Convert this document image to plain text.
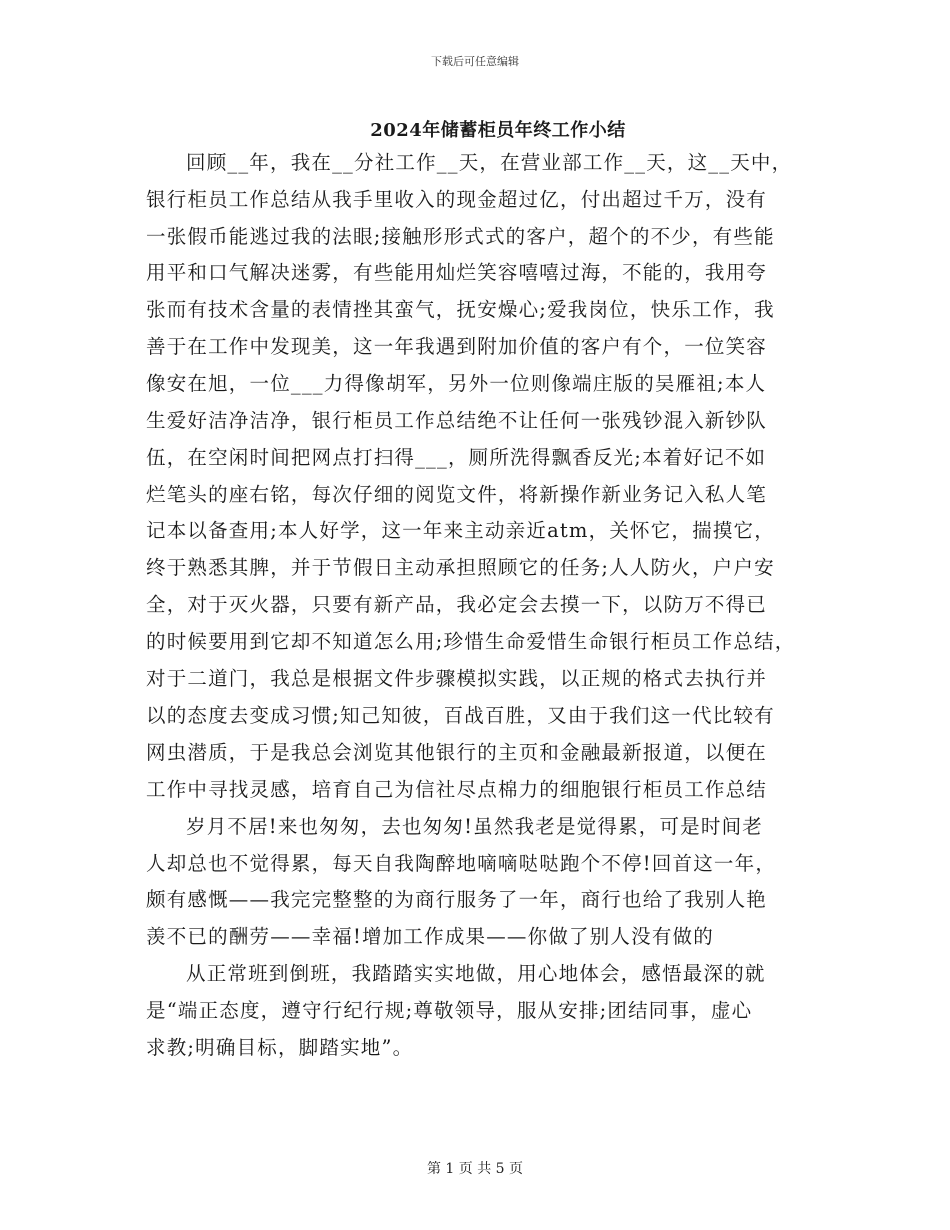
下载后可任意编辑
2024年储蓄柜员年终工作小结
回顾__年，我在__分社工作__天，在营业部工作__天，这__天中，
银行柜员工作总结从我手里收入的现金超过亿，付出超过千万，没有
一张假币能逃过我的法眼;接触形形式式的客户，超个的不少，有些能
用平和口气解决迷雾，有些能用灿烂笑容嘻嘻过海，不能的，我用夸
张而有技术含量的表情挫其蛮气，抚安燥心;爱我岗位，快乐工作，我
善于在工作中发现美，这一年我遇到附加价值的客户有个，一位笑容
像安在旭，一位___力得像胡军，另外一位则像端庄版的吴雁祖;本人
生爱好洁净洁净，银行柜员工作总结绝不让任何一张残钞混入新钞队
伍，在空闲时间把网点打扫得___，厕所洗得飘香反光;本着好记不如
烂笔头的座右铭，每次仔细的阅览文件，将新操作新业务记入私人笔
记本以备查用;本人好学，这一年来主动亲近atm，关怀它，揣摸它，
终于熟悉其脾，并于节假日主动承担照顾它的任务;人人防火，户户安
全，对于灭火器，只要有新产品，我必定会去摸一下，以防万不得已
的时候要用到它却不知道怎么用;珍惜生命爱惜生命银行柜员工作总结，
对于二道门，我总是根据文件步骤模拟实践，以正规的格式去执行并
以的态度去变成习惯;知己知彼，百战百胜，又由于我们这一代比较有
网虫潜质，于是我总会浏览其他银行的主页和金融最新报道，以便在
工作中寻找灵感，培育自己为信社尽点棉力的细胞银行柜员工作总结
岁月不居!来也匆匆，去也匆匆!虽然我老是觉得累，可是时间老
人却总也不觉得累，每天自我陶醉地嘀嘀哒哒跑个不停!回首这一年，
颇有感慨——我完完整整的为商行服务了一年，商行也给了我别人艳
羡不已的酬劳——幸福!增加工作成果——你做了别人没有做的
从正常班到倒班，我踏踏实实地做，用心地体会，感悟最深的就
是“端正态度，遵守行纪行规;尊敬领导，服从安排;团结同事，虚心
求教;明确目标，脚踏实地”。
第 1 页 共 5 页
